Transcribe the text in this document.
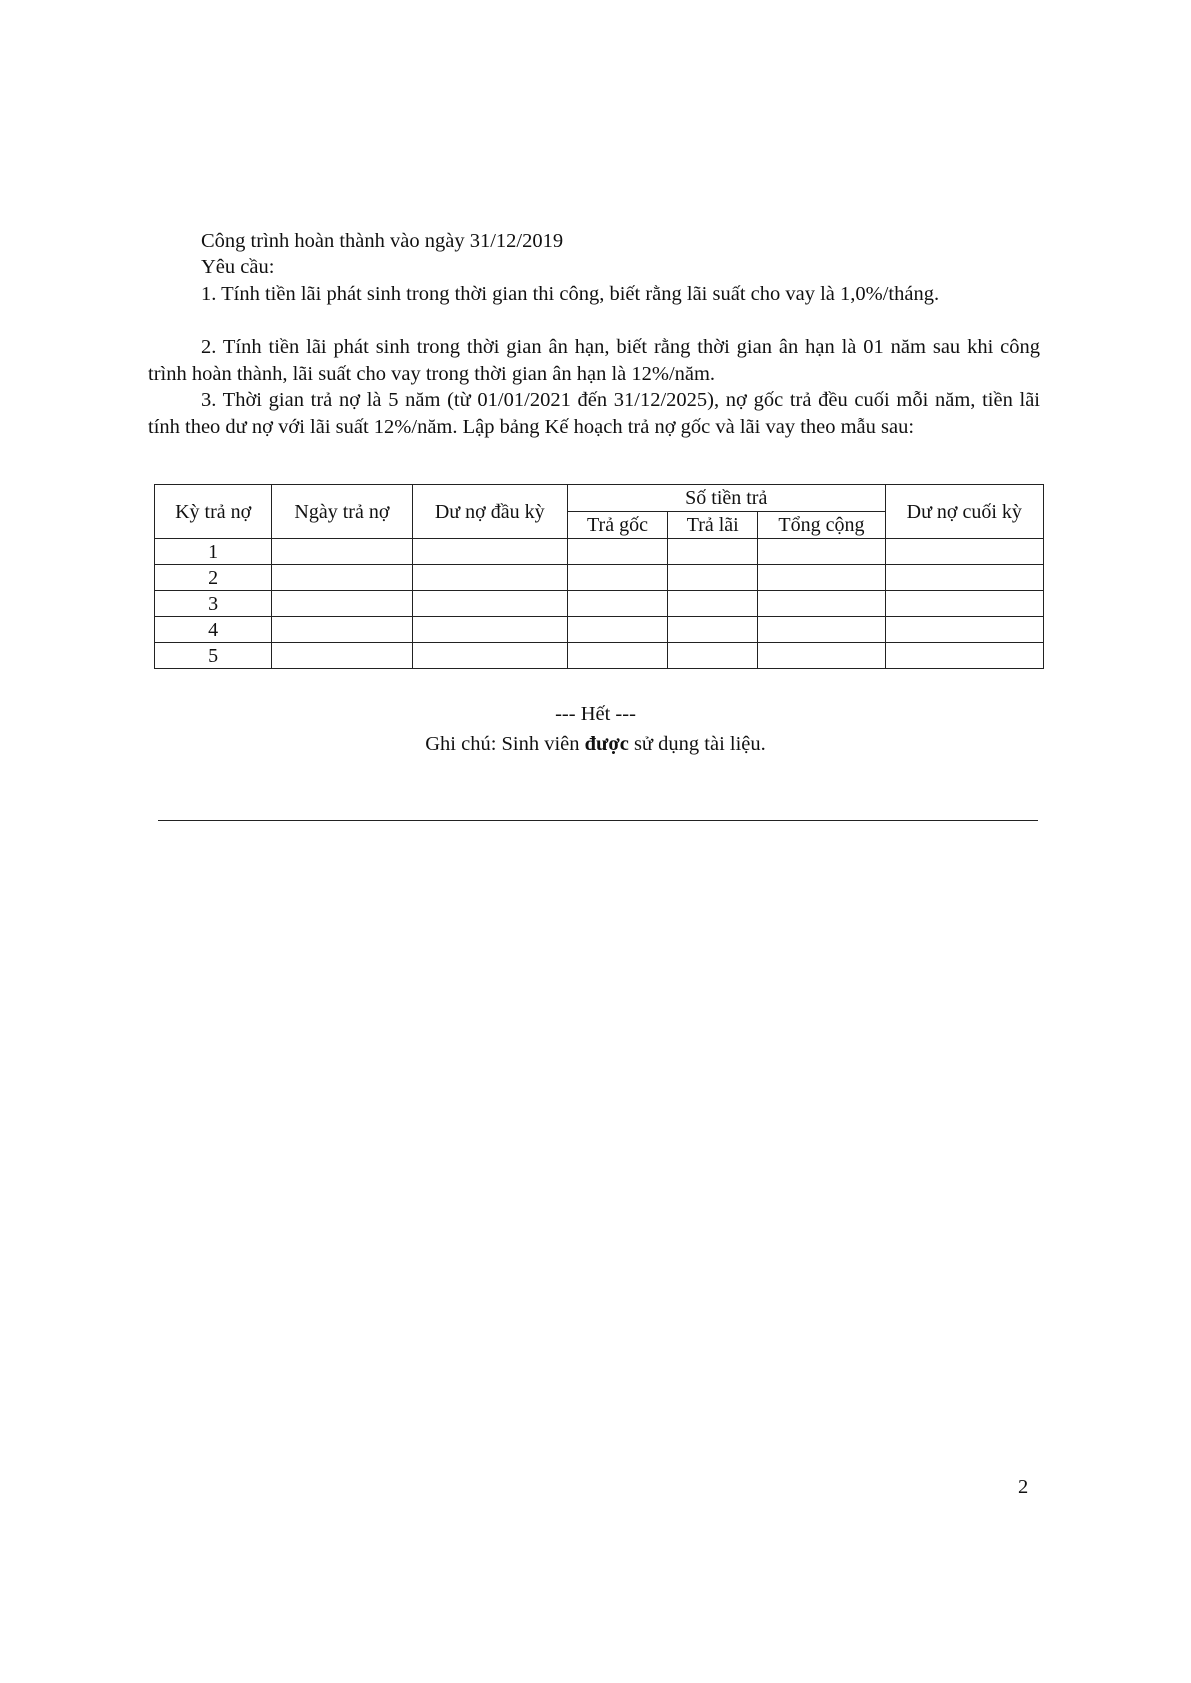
Công trình hoàn thành vào ngày 31/12/2019
Yêu cầu:
1. Tính tiền lãi phát sinh trong thời gian thi công, biết rằng lãi suất cho vay là 1,0%/tháng.
2. Tính tiền lãi phát sinh trong thời gian ân hạn, biết rằng thời gian ân hạn là 01 năm sau khi công trình hoàn thành, lãi suất cho vay trong thời gian ân hạn là 12%/năm.
3. Thời gian trả nợ là 5 năm (từ 01/01/2021 đến 31/12/2025), nợ gốc trả đều cuối mỗi năm, tiền lãi tính theo dư nợ với lãi suất 12%/năm. Lập bảng Kế hoạch trả nợ gốc và lãi vay theo mẫu sau:
Kỳ trả nợ	Ngày trả nợ	Dư nợ đầu kỳ	Số tiền trả			Dư nợ cuối kỳ
			Trả gốc	Trả lãi	Tổng cộng	
1						
2						
3						
4						
5						
--- Hết ---
Ghi chú: Sinh viên được sử dụng tài liệu.
2
